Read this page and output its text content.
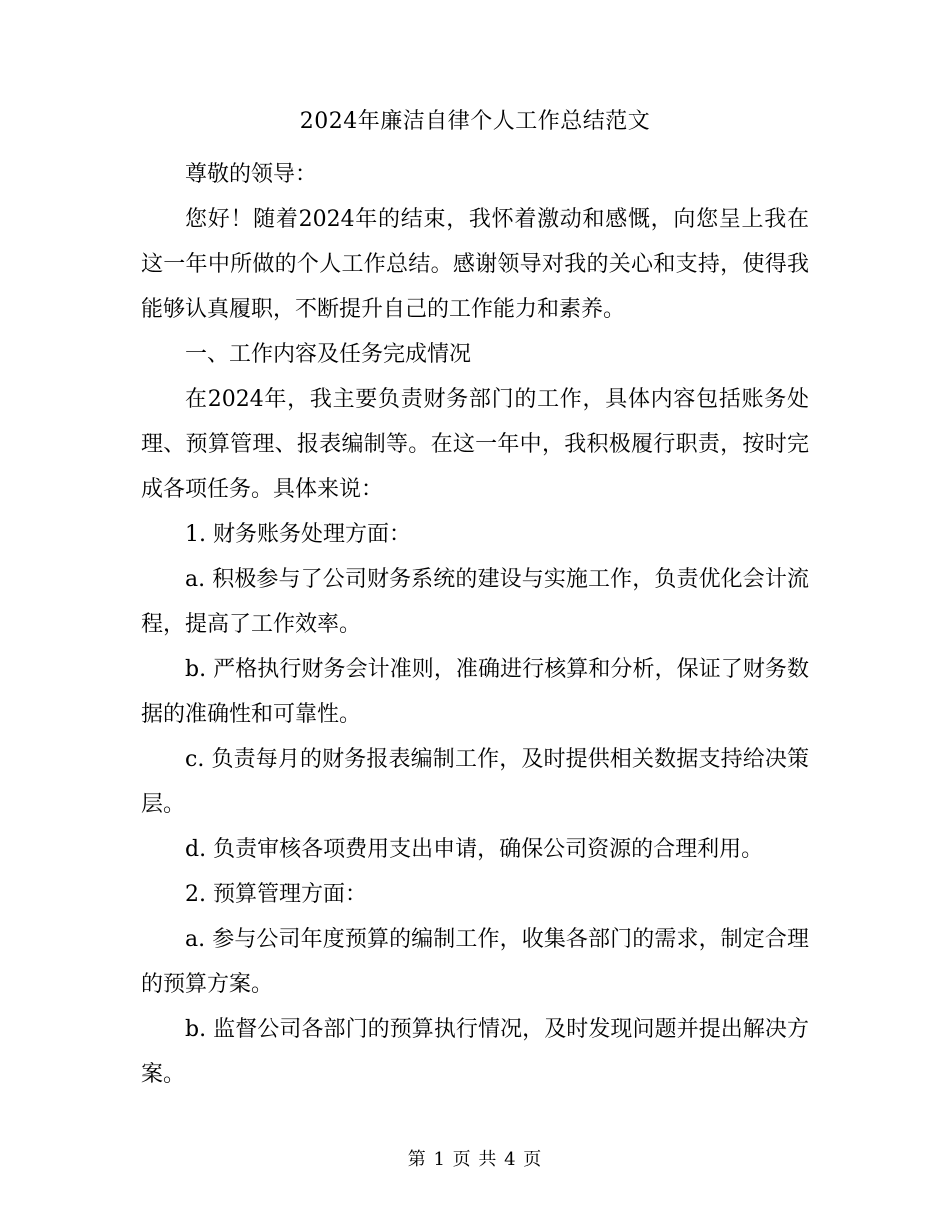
2024年廉洁自律个人工作总结范文

尊敬的领导：

您好！随着2024年的结束，我怀着激动和感慨，向您呈上我在这一年中所做的个人工作总结。感谢领导对我的关心和支持，使得我能够认真履职，不断提升自己的工作能力和素养。

一、工作内容及任务完成情况

在2024年，我主要负责财务部门的工作，具体内容包括账务处理、预算管理、报表编制等。在这一年中，我积极履行职责，按时完成各项任务。具体来说：

1. 财务账务处理方面：

a. 积极参与了公司财务系统的建设与实施工作，负责优化会计流程，提高了工作效率。

b. 严格执行财务会计准则，准确进行核算和分析，保证了财务数据的准确性和可靠性。

c. 负责每月的财务报表编制工作，及时提供相关数据支持给决策层。

d. 负责审核各项费用支出申请，确保公司资源的合理利用。

2. 预算管理方面：

a. 参与公司年度预算的编制工作，收集各部门的需求，制定合理的预算方案。

b. 监督公司各部门的预算执行情况，及时发现问题并提出解决方案。

第 1 页 共 4 页
